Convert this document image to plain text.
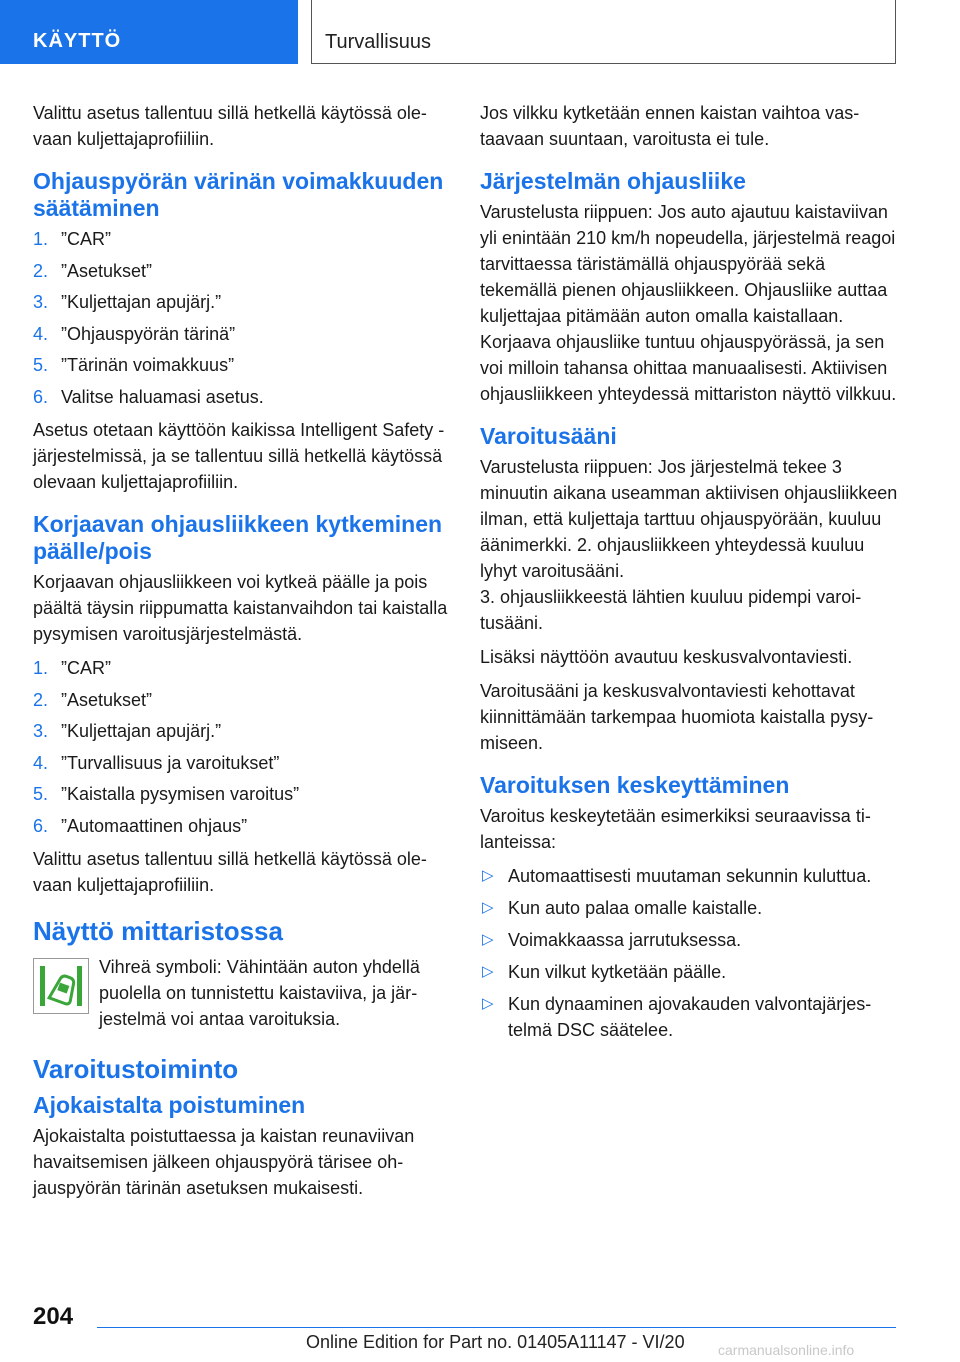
KÄYTTÖ	Turvallisuus

Valittu asetus tallentuu sillä hetkellä käytössä olevaan kuljettajaprofiiliin.

Ohjauspyörän värinän voimakkuuden säätäminen
1. ”CAR”
2. ”Asetukset”
3. ”Kuljettajan apujärj.”
4. ”Ohjauspyörän tärinä”
5. ”Tärinän voimakkuus”
6. Valitse haluamasi asetus.

Asetus otetaan käyttöön kaikissa Intelligent Safety -järjestelmissä, ja se tallentuu sillä hetkellä käytössä olevaan kuljettajaprofiiliin.

Korjaavan ohjausliikkeen kytkeminen päälle/pois

Korjaavan ohjausliikkeen voi kytkeä päälle ja pois päältä täysin riippumatta kaistanvaihdon tai kaistalla pysymisen varoitusjärjestelmästä.

1. ”CAR”
2. ”Asetukset”
3. ”Kuljettajan apujärj.”
4. ”Turvallisuus ja varoitukset”
5. ”Kaistalla pysymisen varoitus”
6. ”Automaattinen ohjaus”

Valittu asetus tallentuu sillä hetkellä käytössä olevaan kuljettajaprofiiliin.

Näyttö mittaristossa

Vihreä symboli: Vähintään auton yhdellä puolella on tunnistettu kaistaviiva, ja järjestelmä voi antaa varoituksia.

Varoitustoiminto
Ajokaistalta poistuminen

Ajokaistalta poistuttaessa ja kaistan reunaviivan havaitsemisen jälkeen ohjauspyörä tärisee ohjauspyörän tärinän asetuksen mukaisesti.

Jos vilkku kytketään ennen kaistan vaihtoa vastaavaan suuntaan, varoitusta ei tule.

Järjestelmän ohjausliike

Varustelusta riippuen: Jos auto ajautuu kaistaviivan yli enintään 210 km/h nopeudella, järjestelmä reagoi tarvittaessa täristämällä ohjauspyörää sekä tekemällä pienen ohjausliikkeen. Ohjausliike auttaa kuljettajaa pitämään auton omalla kaistallaan. Korjaava ohjausliike tuntuu ohjauspyörässä, ja sen voi milloin tahansa ohittaa manuaalisesti. Aktiivisen ohjausliikkeen yhteydessä mittariston näyttö vilkkuu.

Varoitusääni

Varustelusta riippuen: Jos järjestelmä tekee 3 minuutin aikana useamman aktiivisen ohjausliikkeen ilman, että kuljettaja tarttuu ohjauspyörään, kuuluu äänimerkki. 2. ohjausliikkeen yhteydessä kuuluu lyhyt varoitusääni.

3. ohjausliikkeestä lähtien kuuluu pidempi varoitusääni.

Lisäksi näyttöön avautuu keskusvalvontaviesti.

Varoitusääni ja keskusvalvontaviesti kehottavat kiinnittämään tarkempaa huomiota kaistalla pysymiseen.

Varoituksen keskeyttäminen

Varoitus keskeytetään esimerkiksi seuraavissa tilanteissa:

▷ Automaattisesti muutaman sekunnin kuluttua.
▷ Kun auto palaa omalle kaistalle.
▷ Voimakkaassa jarrutuksessa.
▷ Kun vilkut kytketään päälle.
▷ Kun dynaaminen ajovakauden valvontajärjestelmä DSC säätelee.
204
Online Edition for Part no. 01405A11147 - VI/20 carmanualsonline.info
